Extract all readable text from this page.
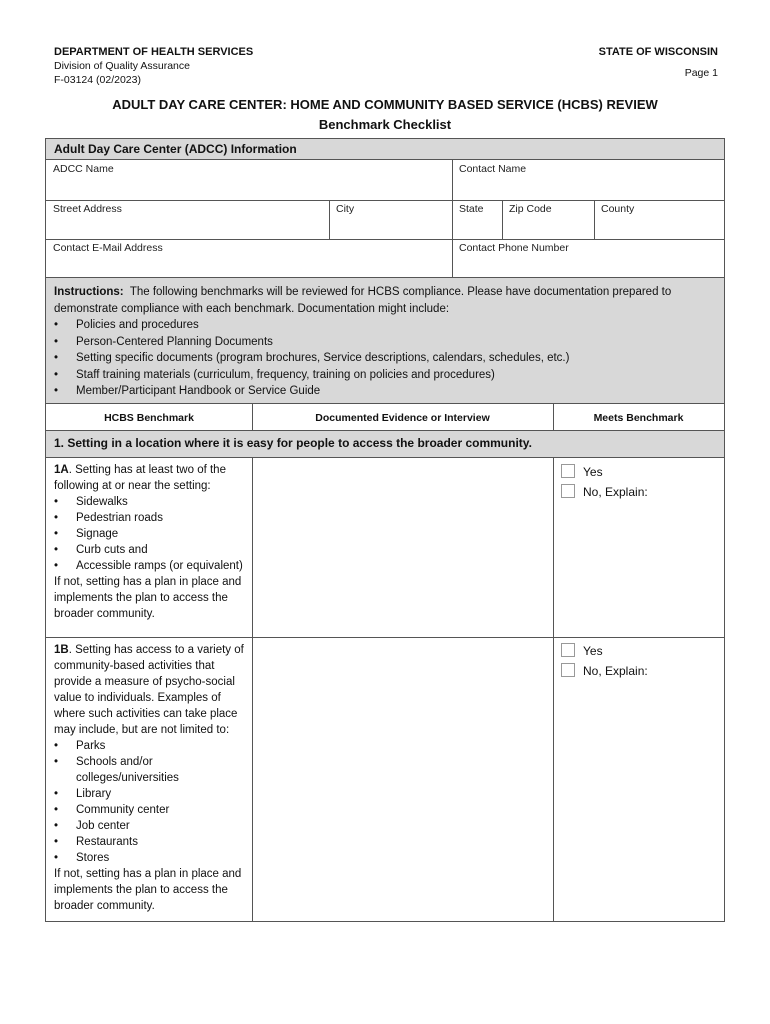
DEPARTMENT OF HEALTH SERVICES
Division of Quality Assurance
F-03124 (02/2023)
STATE OF WISCONSIN
Page 1
ADULT DAY CARE CENTER: HOME AND COMMUNITY BASED SERVICE (HCBS) REVIEW
Benchmark Checklist
Adult Day Care Center (ADCC) Information
ADCC Name	Contact Name
Street Address	City	State	Zip Code	County
Contact E-Mail Address	Contact Phone Number
Instructions: The following benchmarks will be reviewed for HCBS compliance. Please have documentation prepared to demonstrate compliance with each benchmark. Documentation might include:
• Policies and procedures
• Person-Centered Planning Documents
• Setting specific documents (program brochures, Service descriptions, calendars, schedules, etc.)
• Staff training materials (curriculum, frequency, training on policies and procedures)
• Member/Participant Handbook or Service Guide
HCBS Benchmark	Documented Evidence or Interview	Meets Benchmark
1. Setting in a location where it is easy for people to access the broader community.
1A. Setting has at least two of the following at or near the setting:
• Sidewalks
• Pedestrian roads
• Signage
• Curb cuts and
• Accessible ramps (or equivalent)
If not, setting has a plan in place and implements the plan to access the broader community.
Yes
No, Explain:
1B. Setting has access to a variety of community-based activities that provide a measure of psycho-social value to individuals. Examples of where such activities can take place may include, but are not limited to:
• Parks
• Schools and/or colleges/universities
• Library
• Community center
• Job center
• Restaurants
• Stores
If not, setting has a plan in place and implements the plan to access the broader community.
Yes
No, Explain:
